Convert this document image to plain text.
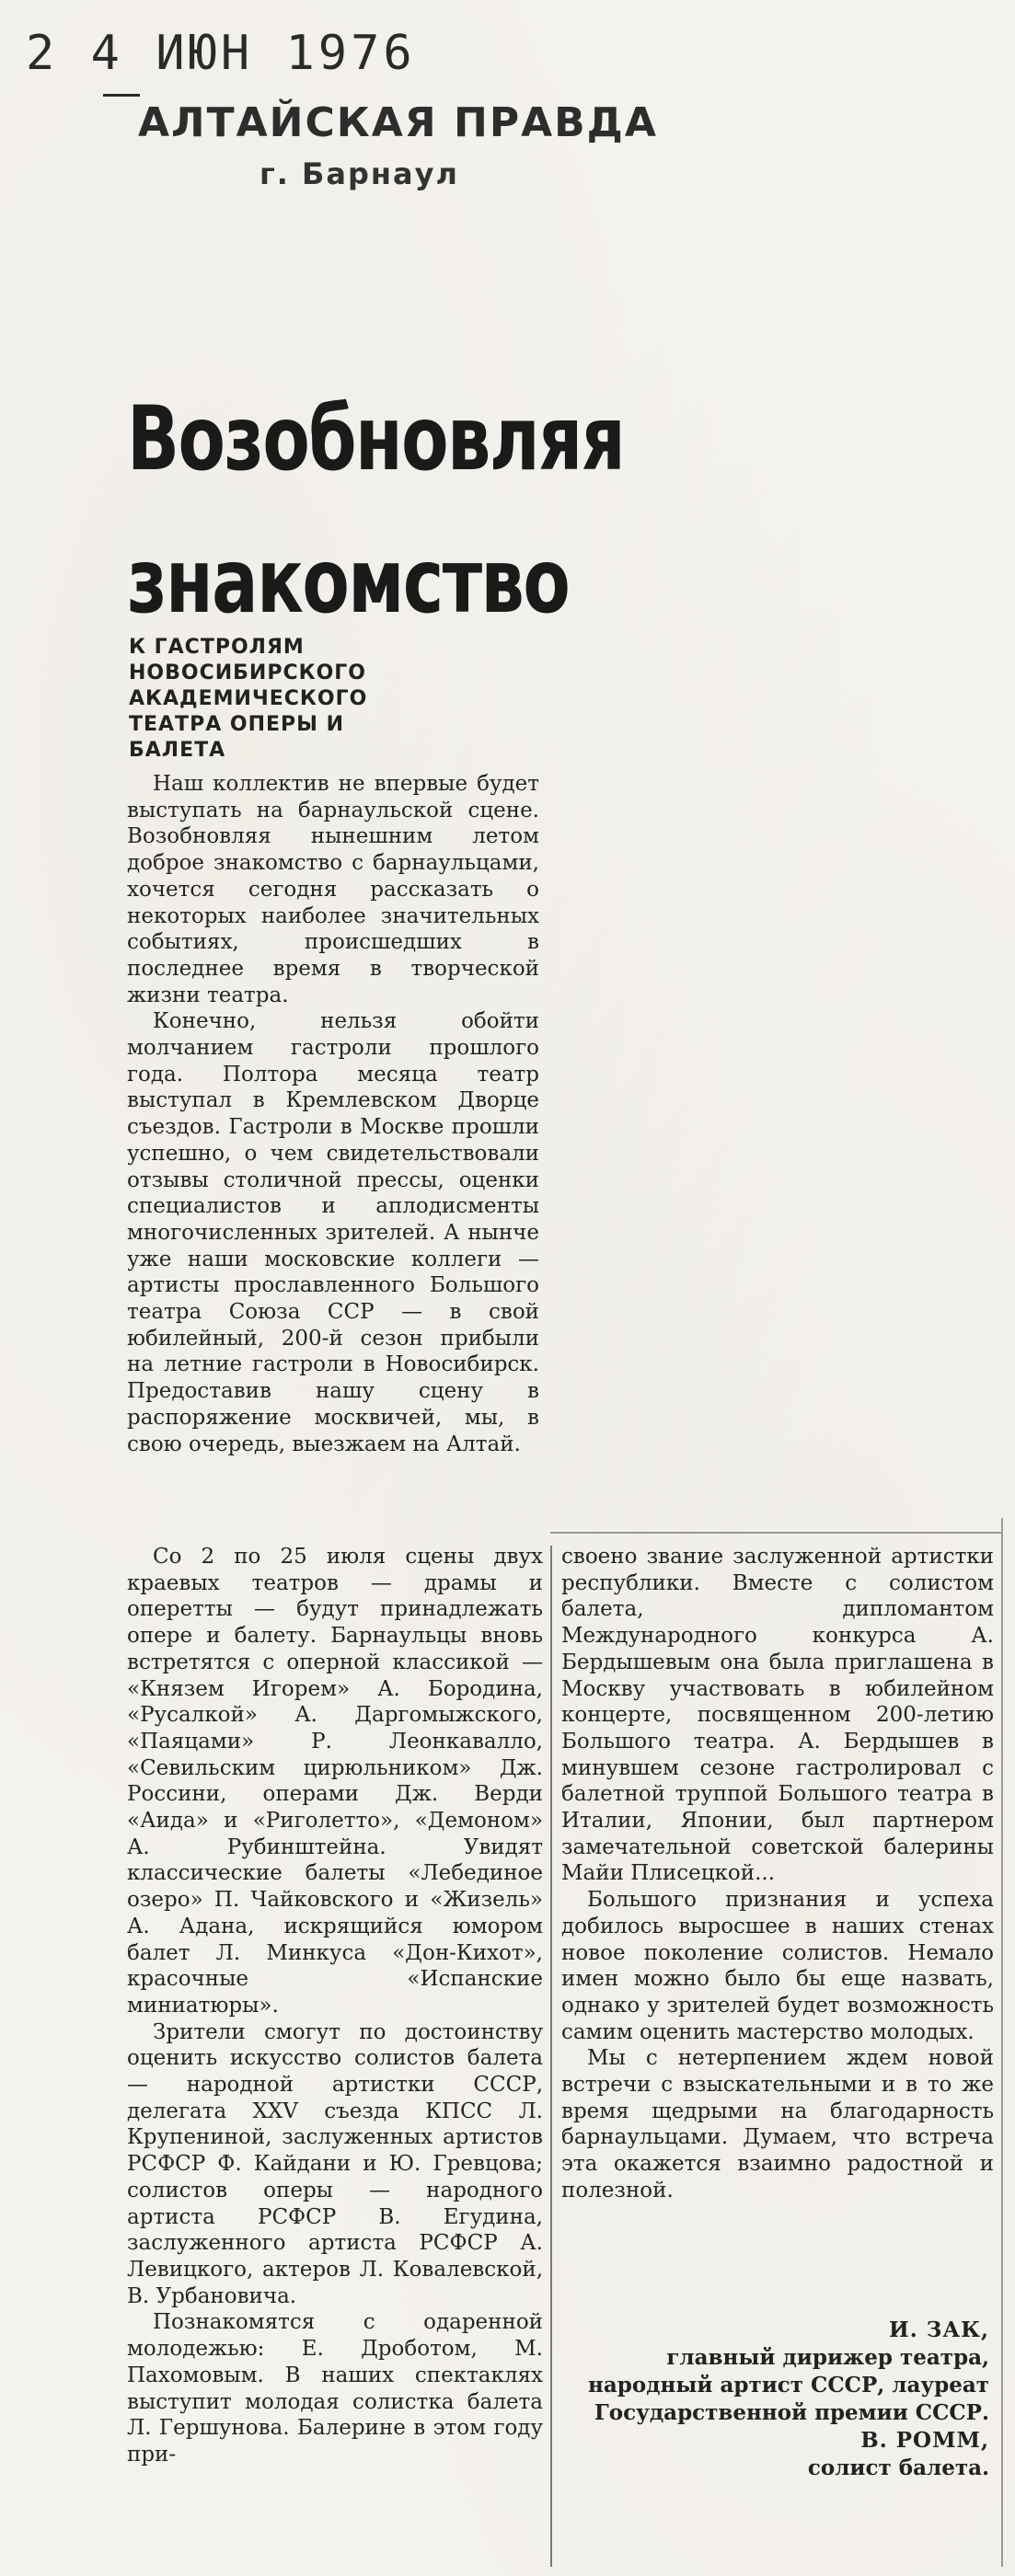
2 4 ИЮН 1976
АЛТАЙСКАЯ ПРАВДА
г. Барнаул
Возобновляя
знакомство
К ГАСТРОЛЯМ НОВОСИБИРСКОГО АКАДЕМИЧЕСКОГО ТЕАТРА ОПЕРЫ И БАЛЕТА

Наш коллектив не впервые будет выступать на барнаульской сцене. Возобновляя нынешним летом доброе знакомство с барнаульцами, хочется сегодня рассказать о некоторых наиболее значительных событиях, происшедших в последнее время в творческой жизни театра.

Конечно, нельзя обойти молчанием гастроли прошлого года. Полтора месяца театр выступал в Кремлевском Дворце съездов. Гастроли в Москве прошли успешно, о чем свидетельствовали отзывы столичной прессы, оценки специалистов и аплодисменты многочисленных зрителей. А нынче уже наши московские коллеги — артисты прославленного Большого театра Союза ССР — в свой юбилейный, 200-й сезон прибыли на летние гастроли в Новосибирск. Предоставив нашу сцену в распоряжение москвичей, мы, в свою очередь, выезжаем на Алтай.

Со 2 по 25 июля сцены двух краевых театров — драмы и оперетты — будут принадлежать опере и балету. Барнаульцы вновь встретятся с оперной классикой — «Князем Игорем» А. Бородина, «Русалкой» А. Даргомыжского, «Паяцами» Р. Леонкавалло, «Севильским цирюльником» Дж. Россини, операми Дж. Верди «Аида» и «Риголетто», «Демоном» А. Рубинштейна. Увидят классические балеты «Лебединое озеро» П. Чайковского и «Жизель» А. Адана, искрящийся юмором балет Л. Минкуса «Дон-Кихот», красочные «Испанские миниатюры».

Зрители смогут по достоинству оценить искусство солистов балета — народной артистки СССР, делегата XXV съезда КПСС Л. Крупениной, заслуженных артистов РСФСР Ф. Кайдани и Ю. Гревцова; солистов оперы — народного артиста РСФСР В. Егудина, заслуженного артиста РСФСР А. Левицкого, актеров Л. Ковалевской, В. Урбановича.

Познакомятся с одаренной молодежью: Е. Дроботом, М. Пахомовым. В наших спектаклях выступит молодая солистка балета Л. Гершунова. Балерине в этом году при-

своено звание заслуженной артистки республики. Вместе с солистом балета, дипломантом Международного конкурса А. Бердышевым она была приглашена в Москву участвовать в юбилейном концерте, посвященном 200-летию Большого театра. А. Бердышев в минувшем сезоне гастролировал с балетной труппой Большого театра в Италии, Японии, был партнером замечательной советской балерины Майи Плисецкой...

Большого признания и успеха добилось выросшее в наших стенах новое поколение солистов. Немало имен можно было бы еще назвать, однако у зрителей будет возможность самим оценить мастерство молодых.

Мы с нетерпением ждем новой встречи с взыскательными и в то же время щедрыми на благодарность барнаульцами. Думаем, что встреча эта окажется взаимно радостной и полезной.

И. ЗАК,
главный дирижер театра, народный артист СССР, лауреат Государственной премии СССР.
В. РОММ,
солист балета.
